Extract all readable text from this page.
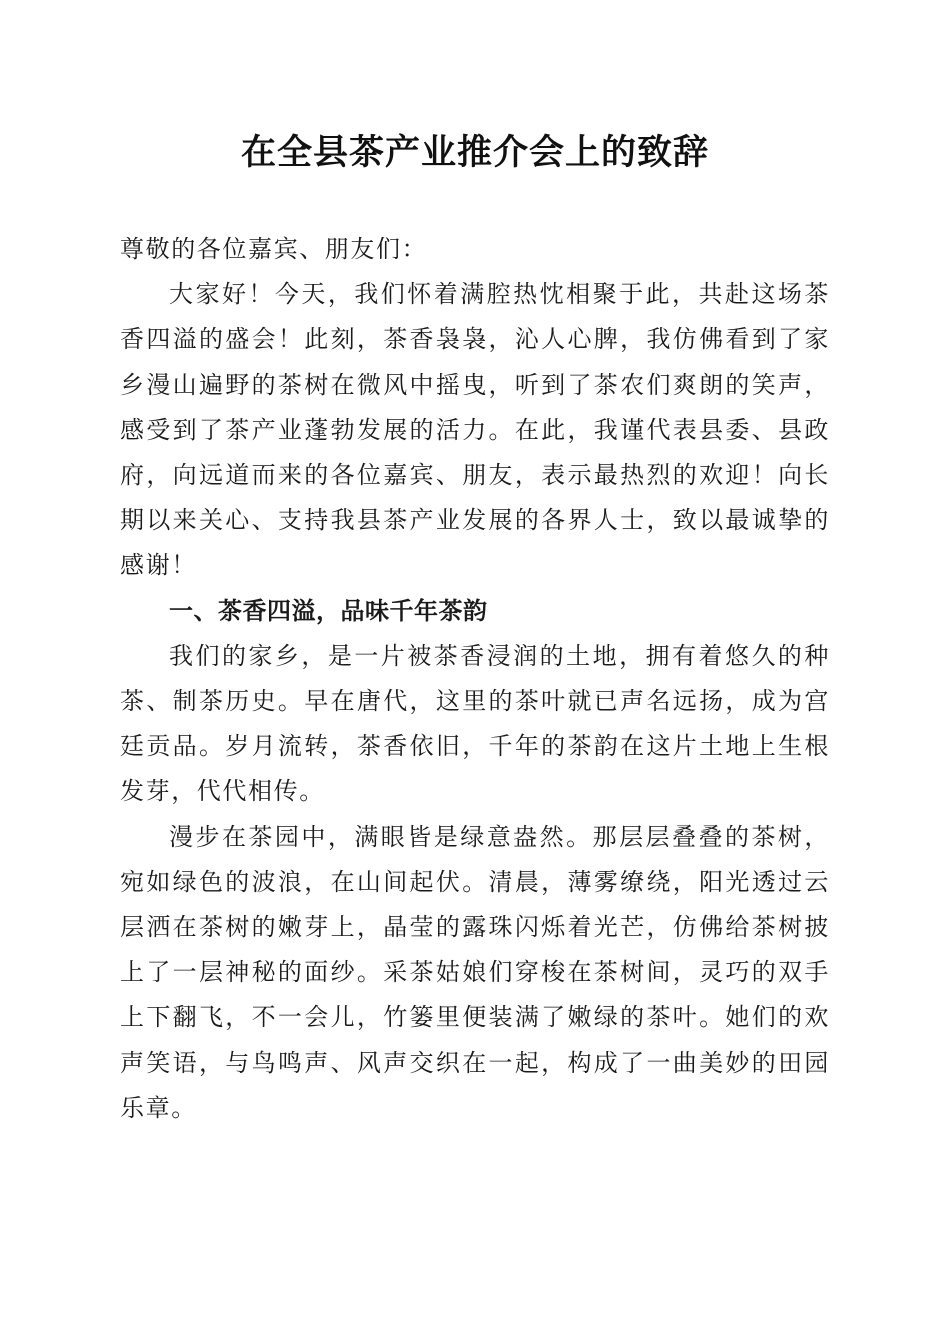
在全县茶产业推介会上的致辞

尊敬的各位嘉宾、朋友们：

大家好！今天，我们怀着满腔热忱相聚于此，共赴这场茶香四溢的盛会！此刻，茶香袅袅，沁人心脾，我仿佛看到了家乡漫山遍野的茶树在微风中摇曳，听到了茶农们爽朗的笑声，感受到了茶产业蓬勃发展的活力。在此，我谨代表县委、县政府，向远道而来的各位嘉宾、朋友，表示最热烈的欢迎！向长期以来关心、支持我县茶产业发展的各界人士，致以最诚挚的感谢！

一、茶香四溢，品味千年茶韵

我们的家乡，是一片被茶香浸润的土地，拥有着悠久的种茶、制茶历史。早在唐代，这里的茶叶就已声名远扬，成为宫廷贡品。岁月流转，茶香依旧，千年的茶韵在这片土地上生根发芽，代代相传。

漫步在茶园中，满眼皆是绿意盎然。那层层叠叠的茶树，宛如绿色的波浪，在山间起伏。清晨，薄雾缭绕，阳光透过云层洒在茶树的嫩芽上，晶莹的露珠闪烁着光芒，仿佛给茶树披上了一层神秘的面纱。采茶姑娘们穿梭在茶树间，灵巧的双手上下翻飞，不一会儿，竹篓里便装满了嫩绿的茶叶。她们的欢声笑语，与鸟鸣声、风声交织在一起，构成了一曲美妙的田园乐章。
